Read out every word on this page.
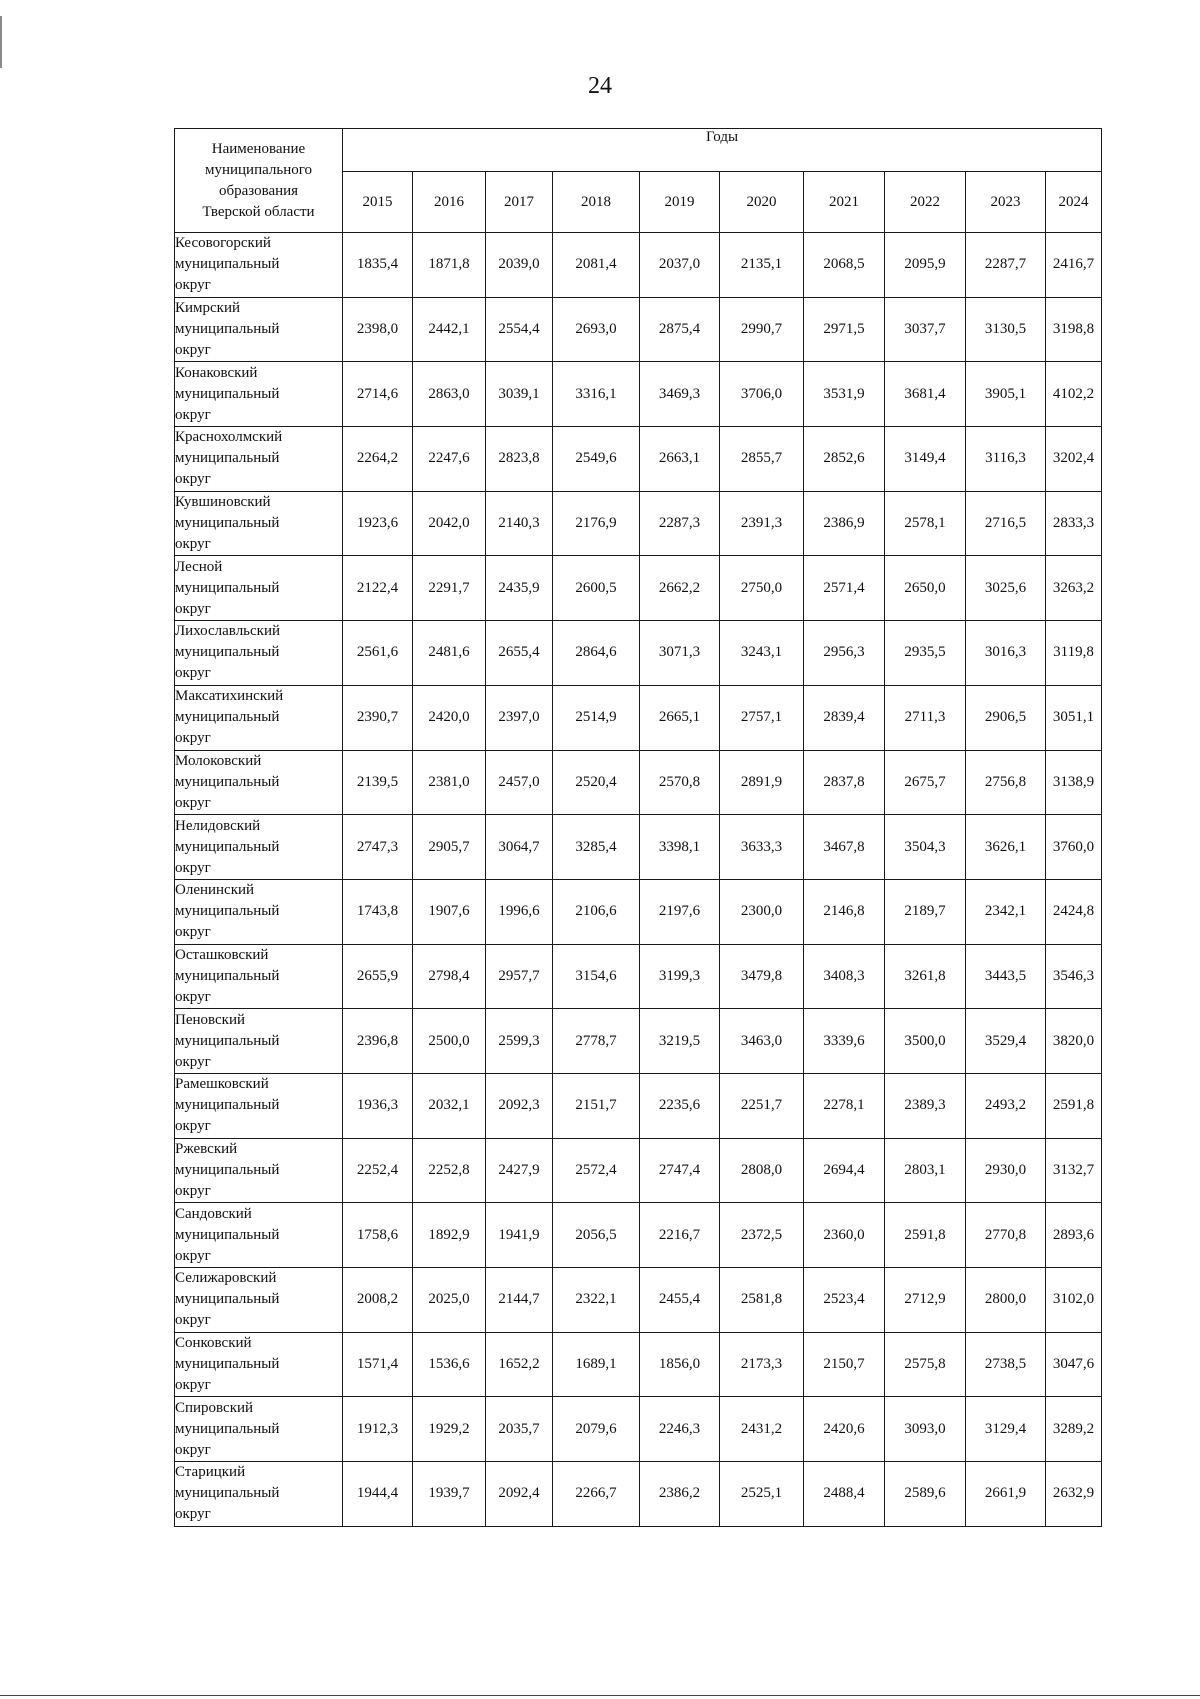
24
Наименование
муниципального
образования
Тверской области	Годы									
	2015	2016	2017	2018	2019	2020	2021	2022	2023	2024
Кесовогорский
муниципальный
округ	1835,4	1871,8	2039,0	2081,4	2037,0	2135,1	2068,5	2095,9	2287,7	2416,7
Кимрский
муниципальный
округ	2398,0	2442,1	2554,4	2693,0	2875,4	2990,7	2971,5	3037,7	3130,5	3198,8
Конаковский
муниципальный
округ	2714,6	2863,0	3039,1	3316,1	3469,3	3706,0	3531,9	3681,4	3905,1	4102,2
Краснохолмский
муниципальный
округ	2264,2	2247,6	2823,8	2549,6	2663,1	2855,7	2852,6	3149,4	3116,3	3202,4
Кувшиновский
муниципальный
округ	1923,6	2042,0	2140,3	2176,9	2287,3	2391,3	2386,9	2578,1	2716,5	2833,3
Лесной
муниципальный
округ	2122,4	2291,7	2435,9	2600,5	2662,2	2750,0	2571,4	2650,0	3025,6	3263,2
Лихославльский
муниципальный
округ	2561,6	2481,6	2655,4	2864,6	3071,3	3243,1	2956,3	2935,5	3016,3	3119,8
Максатихинский
муниципальный
округ	2390,7	2420,0	2397,0	2514,9	2665,1	2757,1	2839,4	2711,3	2906,5	3051,1
Молоковский
муниципальный
округ	2139,5	2381,0	2457,0	2520,4	2570,8	2891,9	2837,8	2675,7	2756,8	3138,9
Нелидовский
муниципальный
округ	2747,3	2905,7	3064,7	3285,4	3398,1	3633,3	3467,8	3504,3	3626,1	3760,0
Оленинский
муниципальный
округ	1743,8	1907,6	1996,6	2106,6	2197,6	2300,0	2146,8	2189,7	2342,1	2424,8
Осташковский
муниципальный
округ	2655,9	2798,4	2957,7	3154,6	3199,3	3479,8	3408,3	3261,8	3443,5	3546,3
Пеновский
муниципальный
округ	2396,8	2500,0	2599,3	2778,7	3219,5	3463,0	3339,6	3500,0	3529,4	3820,0
Рамешковский
муниципальный
округ	1936,3	2032,1	2092,3	2151,7	2235,6	2251,7	2278,1	2389,3	2493,2	2591,8
Ржевский
муниципальный
округ	2252,4	2252,8	2427,9	2572,4	2747,4	2808,0	2694,4	2803,1	2930,0	3132,7
Сандовский
муниципальный
округ	1758,6	1892,9	1941,9	2056,5	2216,7	2372,5	2360,0	2591,8	2770,8	2893,6
Селижаровский
муниципальный
округ	2008,2	2025,0	2144,7	2322,1	2455,4	2581,8	2523,4	2712,9	2800,0	3102,0
Сонковский
муниципальный
округ	1571,4	1536,6	1652,2	1689,1	1856,0	2173,3	2150,7	2575,8	2738,5	3047,6
Спировский
муниципальный
округ	1912,3	1929,2	2035,7	2079,6	2246,3	2431,2	2420,6	3093,0	3129,4	3289,2
Старицкий
муниципальный
округ	1944,4	1939,7	2092,4	2266,7	2386,2	2525,1	2488,4	2589,6	2661,9	2632,9
